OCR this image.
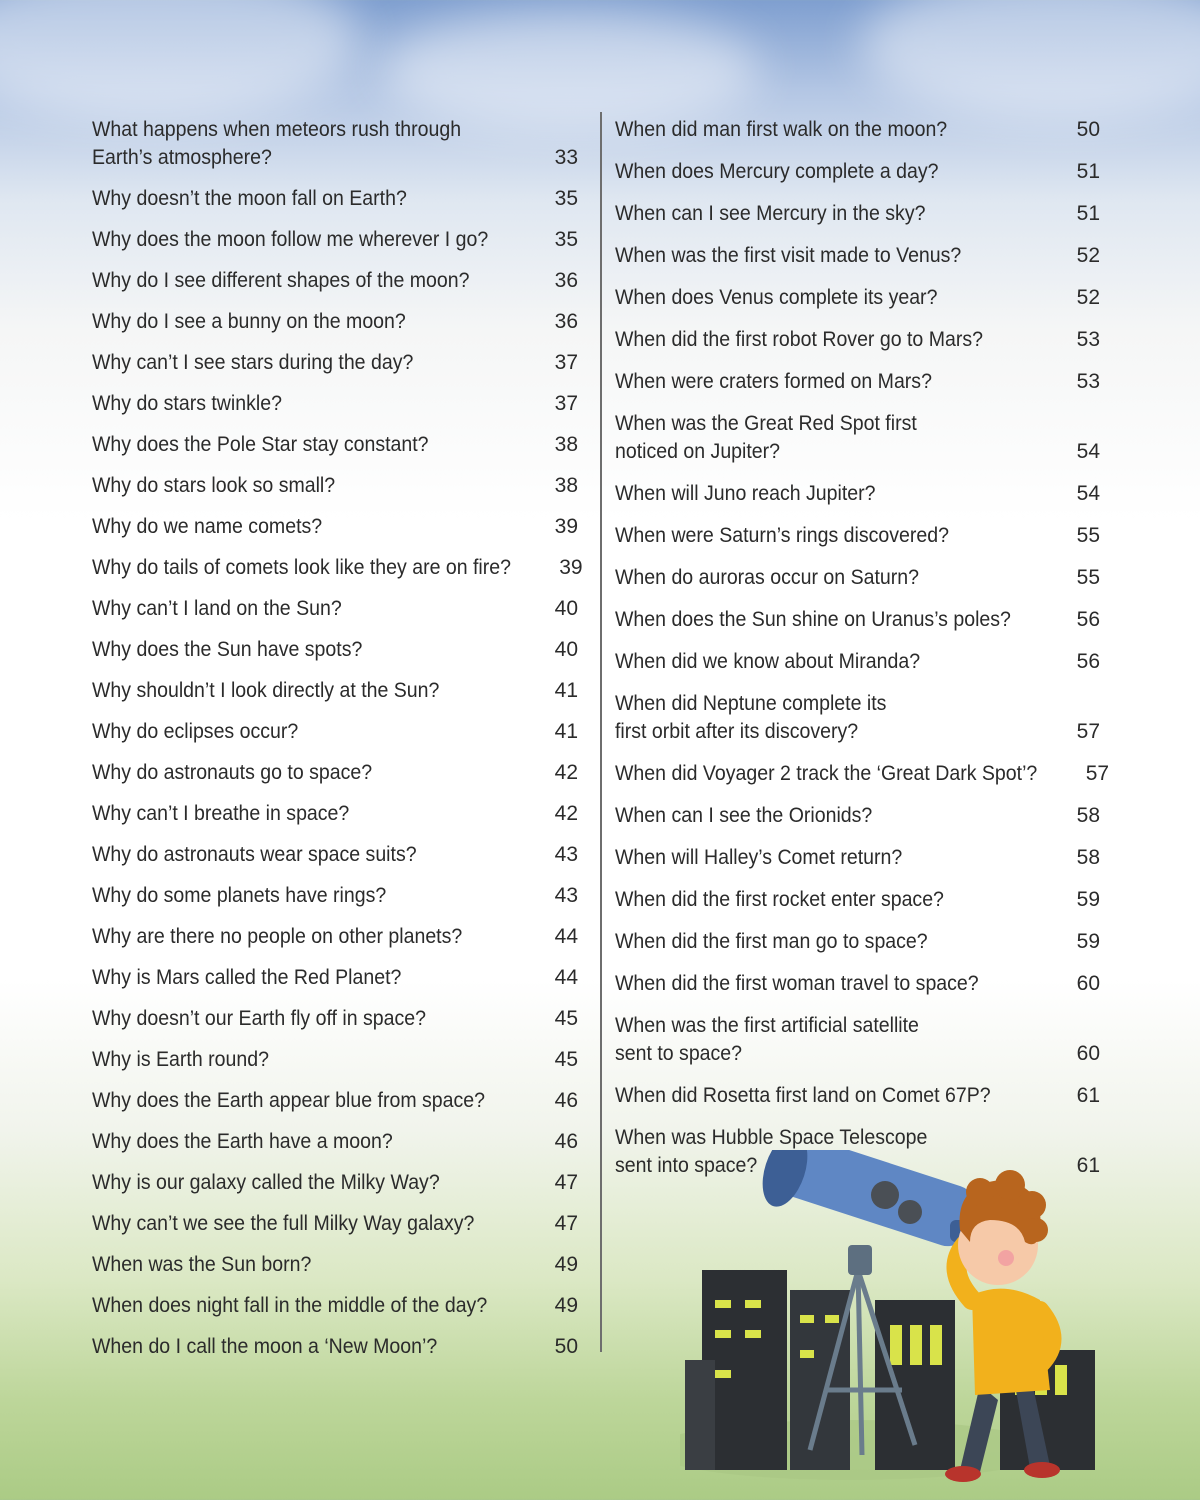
What happens when meteors rush through
Earth’s atmosphere?	33
Why doesn’t the moon fall on Earth?	35
Why does the moon follow me wherever I go?	35
Why do I see different shapes of the moon?	36
Why do I see a bunny on the moon?	36
Why can’t I see stars during the day?	37
Why do stars twinkle?	37
Why does the Pole Star stay constant?	38
Why do stars look so small?	38
Why do we name comets?	39
Why do tails of comets look like they are on fire?	39
Why can’t I land on the Sun?	40
Why does the Sun have spots?	40
Why shouldn’t I look directly at the Sun?	41
Why do eclipses occur?	41
Why do astronauts go to space?	42
Why can’t I breathe in space?	42
Why do astronauts wear space suits?	43
Why do some planets have rings?	43
Why are there no people on other planets?	44
Why is Mars called the Red Planet?	44
Why doesn’t our Earth fly off in space?	45
Why is Earth round?	45
Why does the Earth appear blue from space?	46
Why does the Earth have a moon?	46
Why is our galaxy called the Milky Way?	47
Why can’t we see the full Milky Way galaxy?	47
When was the Sun born?	49
When does night fall in the middle of the day?	49
When do I call the moon a ‘New Moon’?	50
When did man first walk on the moon?	50
When does Mercury complete a day?	51
When can I see Mercury in the sky?	51
When was the first visit made to Venus?	52
When does Venus complete its year?	52
When did the first robot Rover go to Mars?	53
When were craters formed on Mars?	53
When was the Great Red Spot first
noticed on Jupiter?	54
When will Juno reach Jupiter?	54
When were Saturn’s rings discovered?	55
When do auroras occur on Saturn?	55
When does the Sun shine on Uranus’s poles?	56
When did we know about Miranda?	56
When did Neptune complete its
first orbit after its discovery?	57
When did Voyager 2 track the ‘Great Dark Spot’?	57
When can I see the Orionids?	58
When will Halley’s Comet return?	58
When did the first rocket enter space?	59
When did the first man go to space?	59
When did the first woman travel to space?	60
When was the first artificial satellite
sent to space?	60
When did Rosetta first land on Comet 67P?	61
When was Hubble Space Telescope
sent into space?	61
